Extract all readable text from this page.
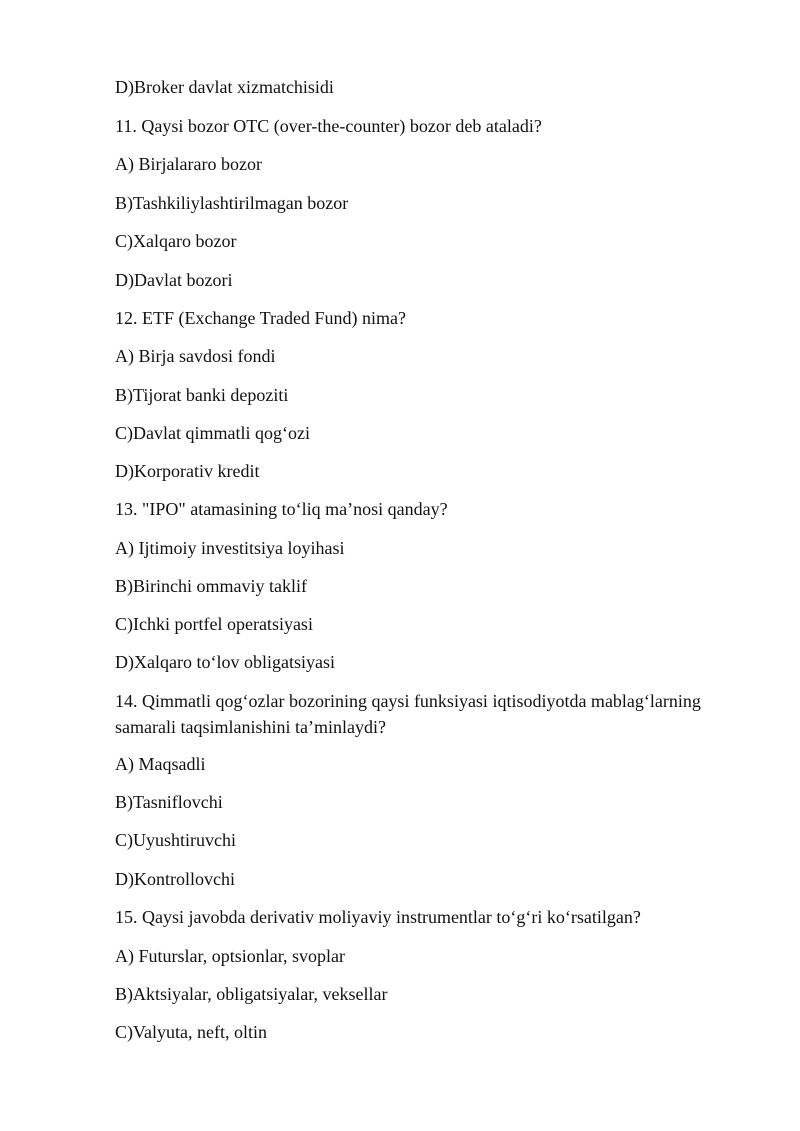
D)Broker davlat xizmatchisidi
11. Qaysi bozor OTC (over-the-counter) bozor deb ataladi?
A) Birjalararo bozor
B)Tashkiliylashtirilmagan bozor
C)Xalqaro bozor
D)Davlat bozori
12. ETF (Exchange Traded Fund) nima?
A) Birja savdosi fondi
B)Tijorat banki depoziti
C)Davlat qimmatli qog‘ozi
D)Korporativ kredit
13. "IPO" atamasining to‘liq ma’nosi qanday?
A) Ijtimoiy investitsiya loyihasi
B)Birinchi ommaviy taklif
C)Ichki portfel operatsiyasi
D)Xalqaro to‘lov obligatsiyasi
14. Qimmatli qog‘ozlar bozorining qaysi funksiyasi iqtisodiyotda mablag‘larning samarali taqsimlanishini ta’minlaydi?
A) Maqsadli
B)Tasniflovchi
C)Uyushtiruvchi
D)Kontrollovchi
15. Qaysi javobda derivativ moliyaviy instrumentlar to‘g‘ri ko‘rsatilgan?
A) Futurslar, optsionlar, svoplar
B)Aktsiyalar, obligatsiyalar, veksellar
C)Valyuta, neft, oltin
